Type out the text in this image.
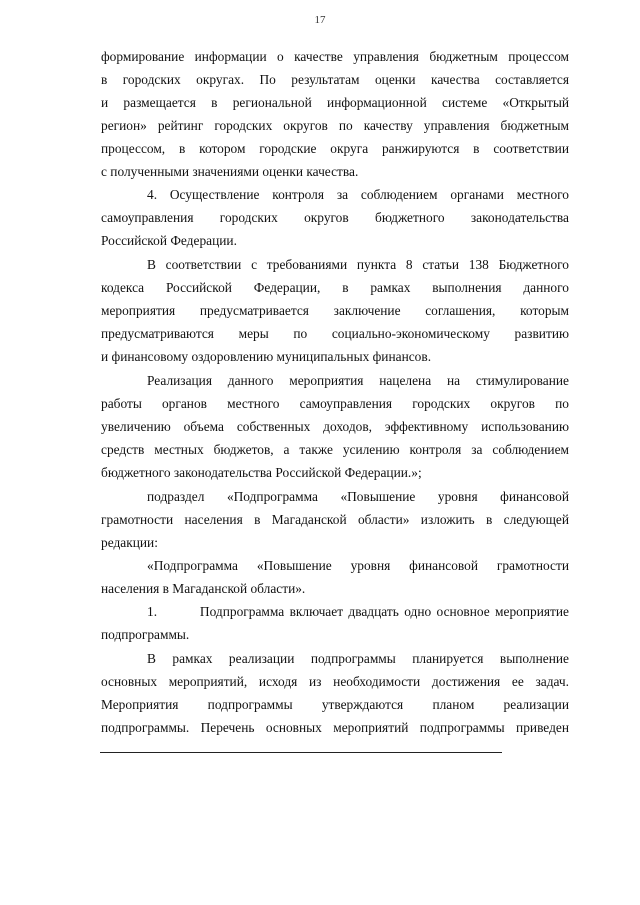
17
формирование информации о качестве управления бюджетным процессом
в городских округах. По результатам оценки качества составляется
и размещается в региональной информационной системе «Открытый
регион» рейтинг городских округов по качеству управления бюджетным
процессом, в котором городские округа ранжируются в соответствии
с полученными значениями оценки качества.
4. Осуществление контроля за соблюдением органами местного
самоуправления городских округов бюджетного законодательства
Российской Федерации.
В соответствии с требованиями пункта 8 статьи 138 Бюджетного
кодекса Российской Федерации, в рамках выполнения данного
мероприятия предусматривается заключение соглашения, которым
предусматриваются меры по социально-экономическому развитию
и финансовому оздоровлению муниципальных финансов.
Реализация данного мероприятия нацелена на стимулирование
работы органов местного самоуправления городских округов по
увеличению объема собственных доходов, эффективному использованию
средств местных бюджетов, а также усилению контроля за соблюдением
бюджетного законодательства Российской Федерации.»;
подраздел «Подпрограмма «Повышение уровня финансовой
грамотности населения в Магаданской области» изложить в следующей
редакции:
«Подпрограмма «Повышение уровня финансовой грамотности
населения в Магаданской области».
1.        Подпрограмма включает двадцать одно основное мероприятие
подпрограммы.
В рамках реализации подпрограммы планируется выполнение
основных мероприятий, исходя из необходимости достижения ее задач.
Мероприятия подпрограммы утверждаются планом реализации
подпрограммы. Перечень основных мероприятий подпрограммы приведен
